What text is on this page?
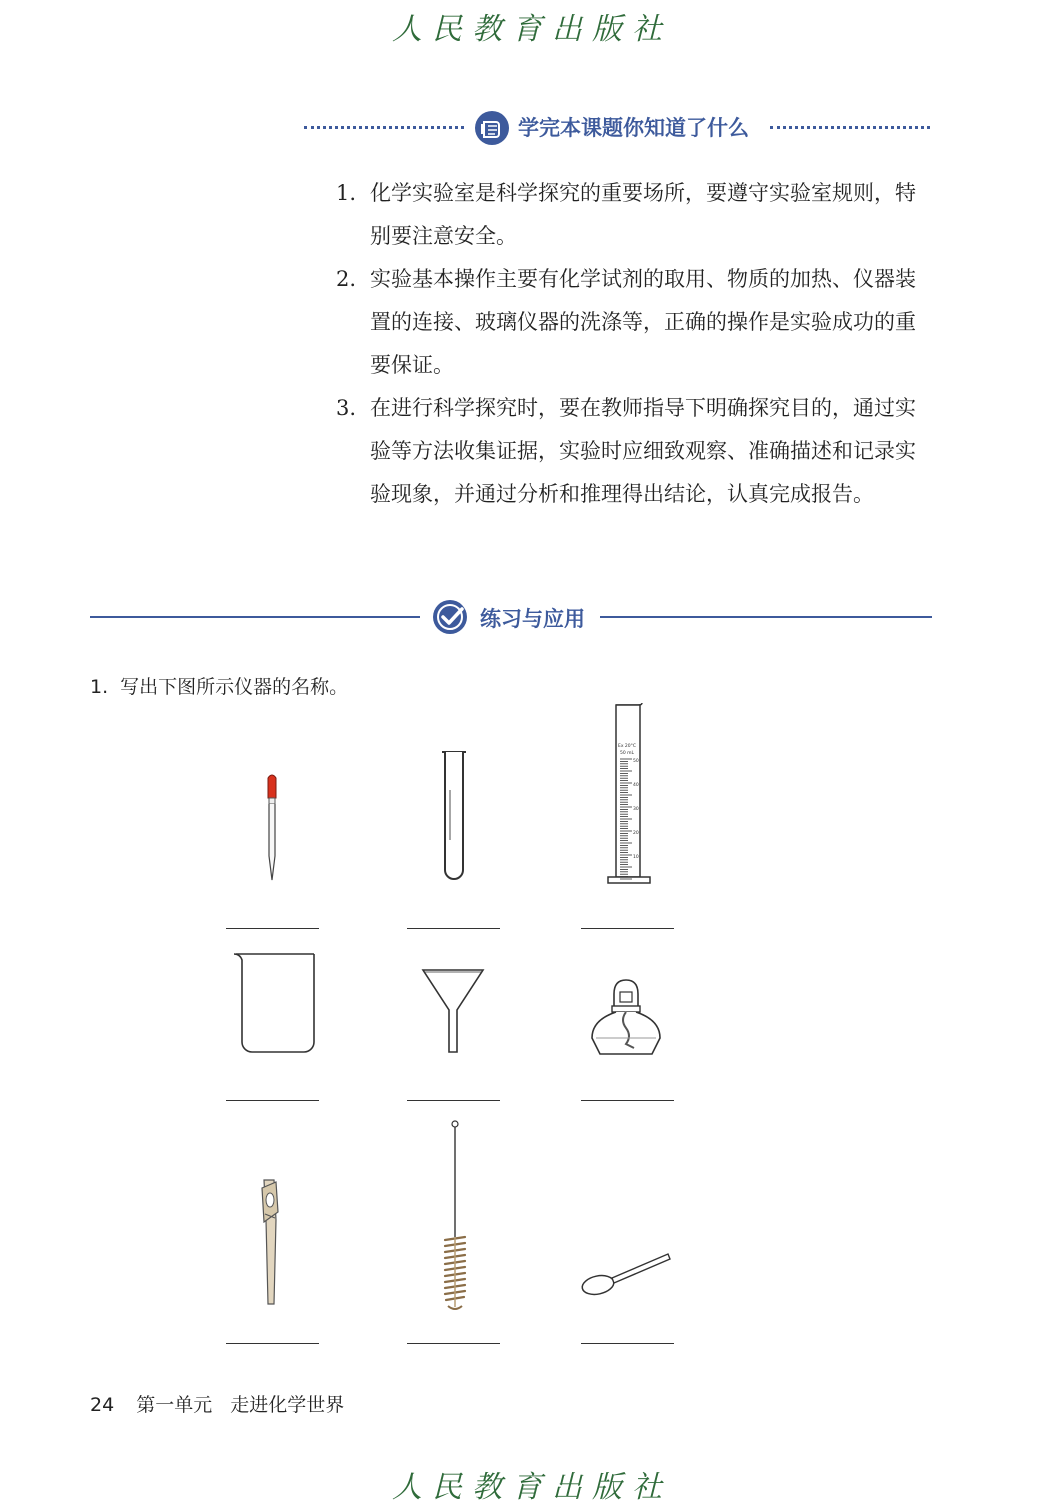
人民教育出版社
学完本课题你知道了什么
1. 化学实验室是科学探究的重要场所，要遵守实验室规则，特别要注意安全。
2. 实验基本操作主要有化学试剂的取用、物质的加热、仪器装置的连接、玻璃仪器的洗涤等，正确的操作是实验成功的重要保证。
3. 在进行科学探究时，要在教师指导下明确探究目的，通过实验等方法收集证据，实验时应细致观察、准确描述和记录实验现象，并通过分析和推理得出结论，认真完成报告。
练习与应用
1. 写出下图所示仪器的名称。
Ex 20°C
50 mL
50
40
30
20
10
24 第一单元 走进化学世界
人民教育出版社
